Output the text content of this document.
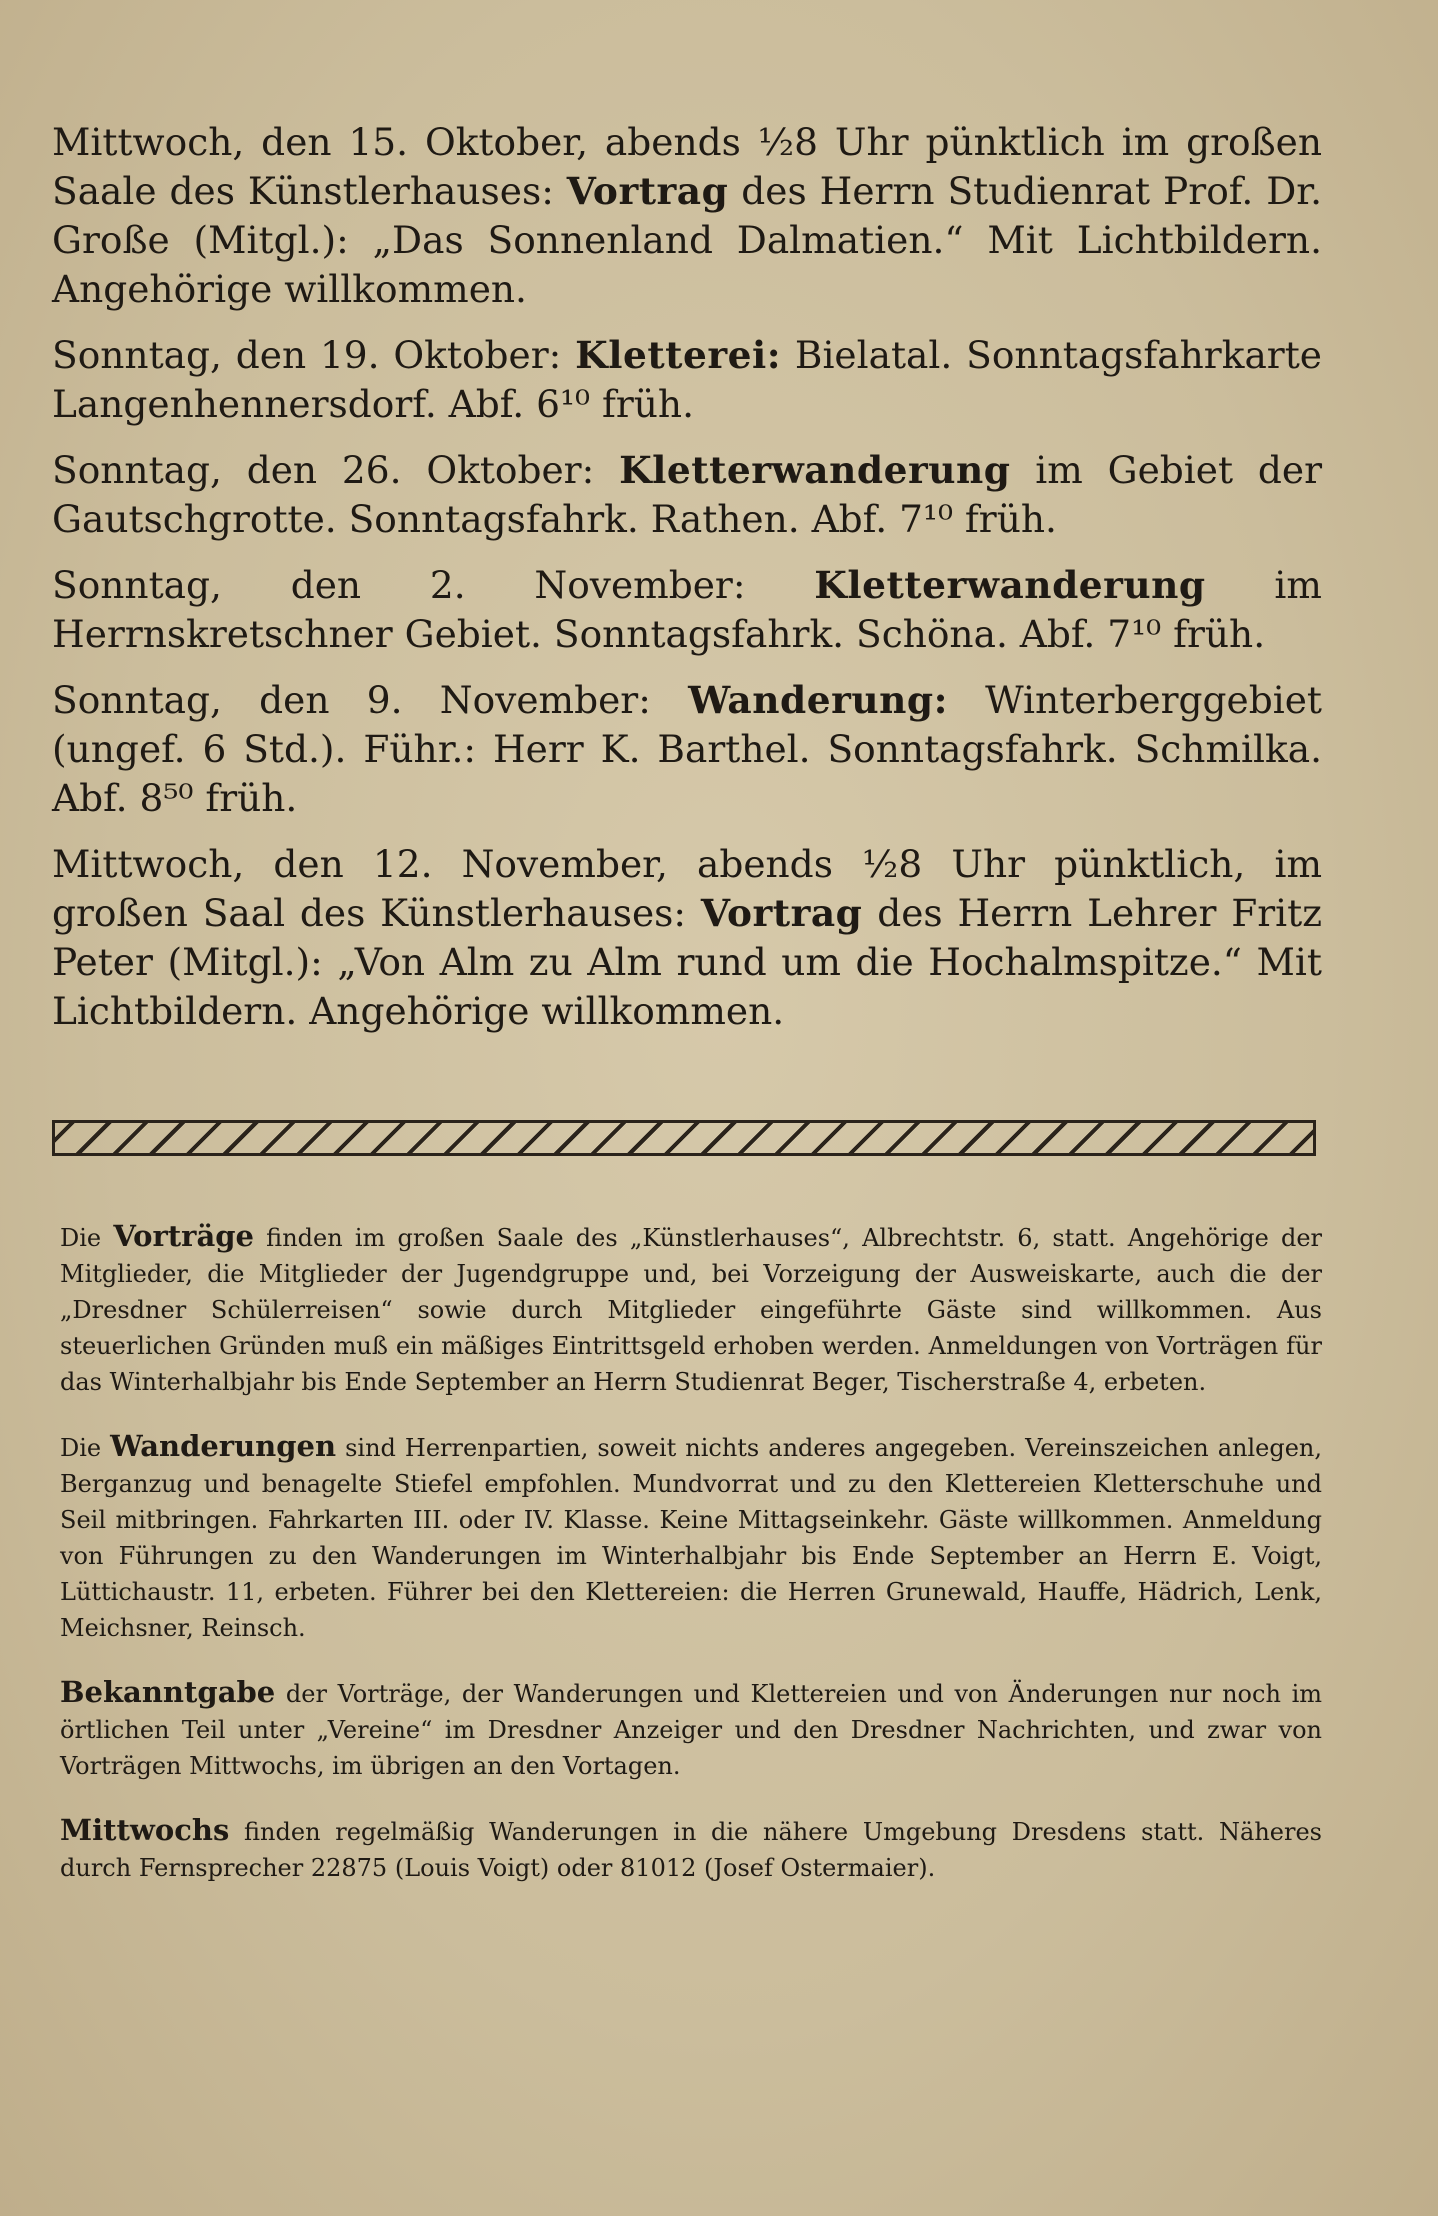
Mittwoch, den 15. Oktober, abends ½8 Uhr pünktlich im großen Saale des Künstlerhauses: Vortrag des Herrn Studienrat Prof. Dr. Große (Mitgl.): „Das Sonnenland Dalmatien.“ Mit Lichtbildern. Angehörige willkommen.

Sonntag, den 19. Oktober: Kletterei: Bielatal. Sonntagsfahrkarte Langenhennersdorf. Abf. 6¹⁰ früh.

Sonntag, den 26. Oktober: Kletterwanderung im Gebiet der Gautschgrotte. Sonntagsfahrk. Rathen. Abf. 7¹⁰ früh.

Sonntag, den 2. November: Kletterwanderung im Herrnskretschner Gebiet. Sonntagsfahrk. Schöna. Abf. 7¹⁰ früh.

Sonntag, den 9. November: Wanderung: Winterberggebiet (ungef. 6 Std.). Führ.: Herr K. Barthel. Sonntagsfahrk. Schmilka. Abf. 8⁵⁰ früh.

Mittwoch, den 12. November, abends ½8 Uhr pünktlich, im großen Saal des Künstlerhauses: Vortrag des Herrn Lehrer Fritz Peter (Mitgl.): „Von Alm zu Alm rund um die Hochalmspitze.“ Mit Lichtbildern. Angehörige willkommen.

Die Vorträge finden im großen Saale des „Künstlerhauses“, Albrechtstr. 6, statt. Angehörige der Mitglieder, die Mitglieder der Jugendgruppe und, bei Vorzeigung der Ausweiskarte, auch die der „Dresdner Schülerreisen“ sowie durch Mitglieder eingeführte Gäste sind willkommen. Aus steuerlichen Gründen muß ein mäßiges Eintrittsgeld erhoben werden. Anmeldungen von Vorträgen für das Winterhalbjahr bis Ende September an Herrn Studienrat Beger, Tischerstraße 4, erbeten.

Die Wanderungen sind Herrenpartien, soweit nichts anderes angegeben. Vereinszeichen anlegen, Berganzug und benagelte Stiefel empfohlen. Mundvorrat und zu den Klettereien Kletterschuhe und Seil mitbringen. Fahrkarten III. oder IV. Klasse. Keine Mittagseinkehr. Gäste willkommen. Anmeldung von Führungen zu den Wanderungen im Winterhalbjahr bis Ende September an Herrn E. Voigt, Lüttichaustr. 11, erbeten. Führer bei den Klettereien: die Herren Grunewald, Hauffe, Hädrich, Lenk, Meichsner, Reinsch.

Bekanntgabe der Vorträge, der Wanderungen und Klettereien und von Änderungen nur noch im örtlichen Teil unter „Vereine“ im Dresdner Anzeiger und den Dresdner Nachrichten, und zwar von Vorträgen Mittwochs, im übrigen an den Vortagen.

Mittwochs finden regelmäßig Wanderungen in die nähere Umgebung Dresdens statt. Näheres durch Fernsprecher 22875 (Louis Voigt) oder 81012 (Josef Ostermaier).
